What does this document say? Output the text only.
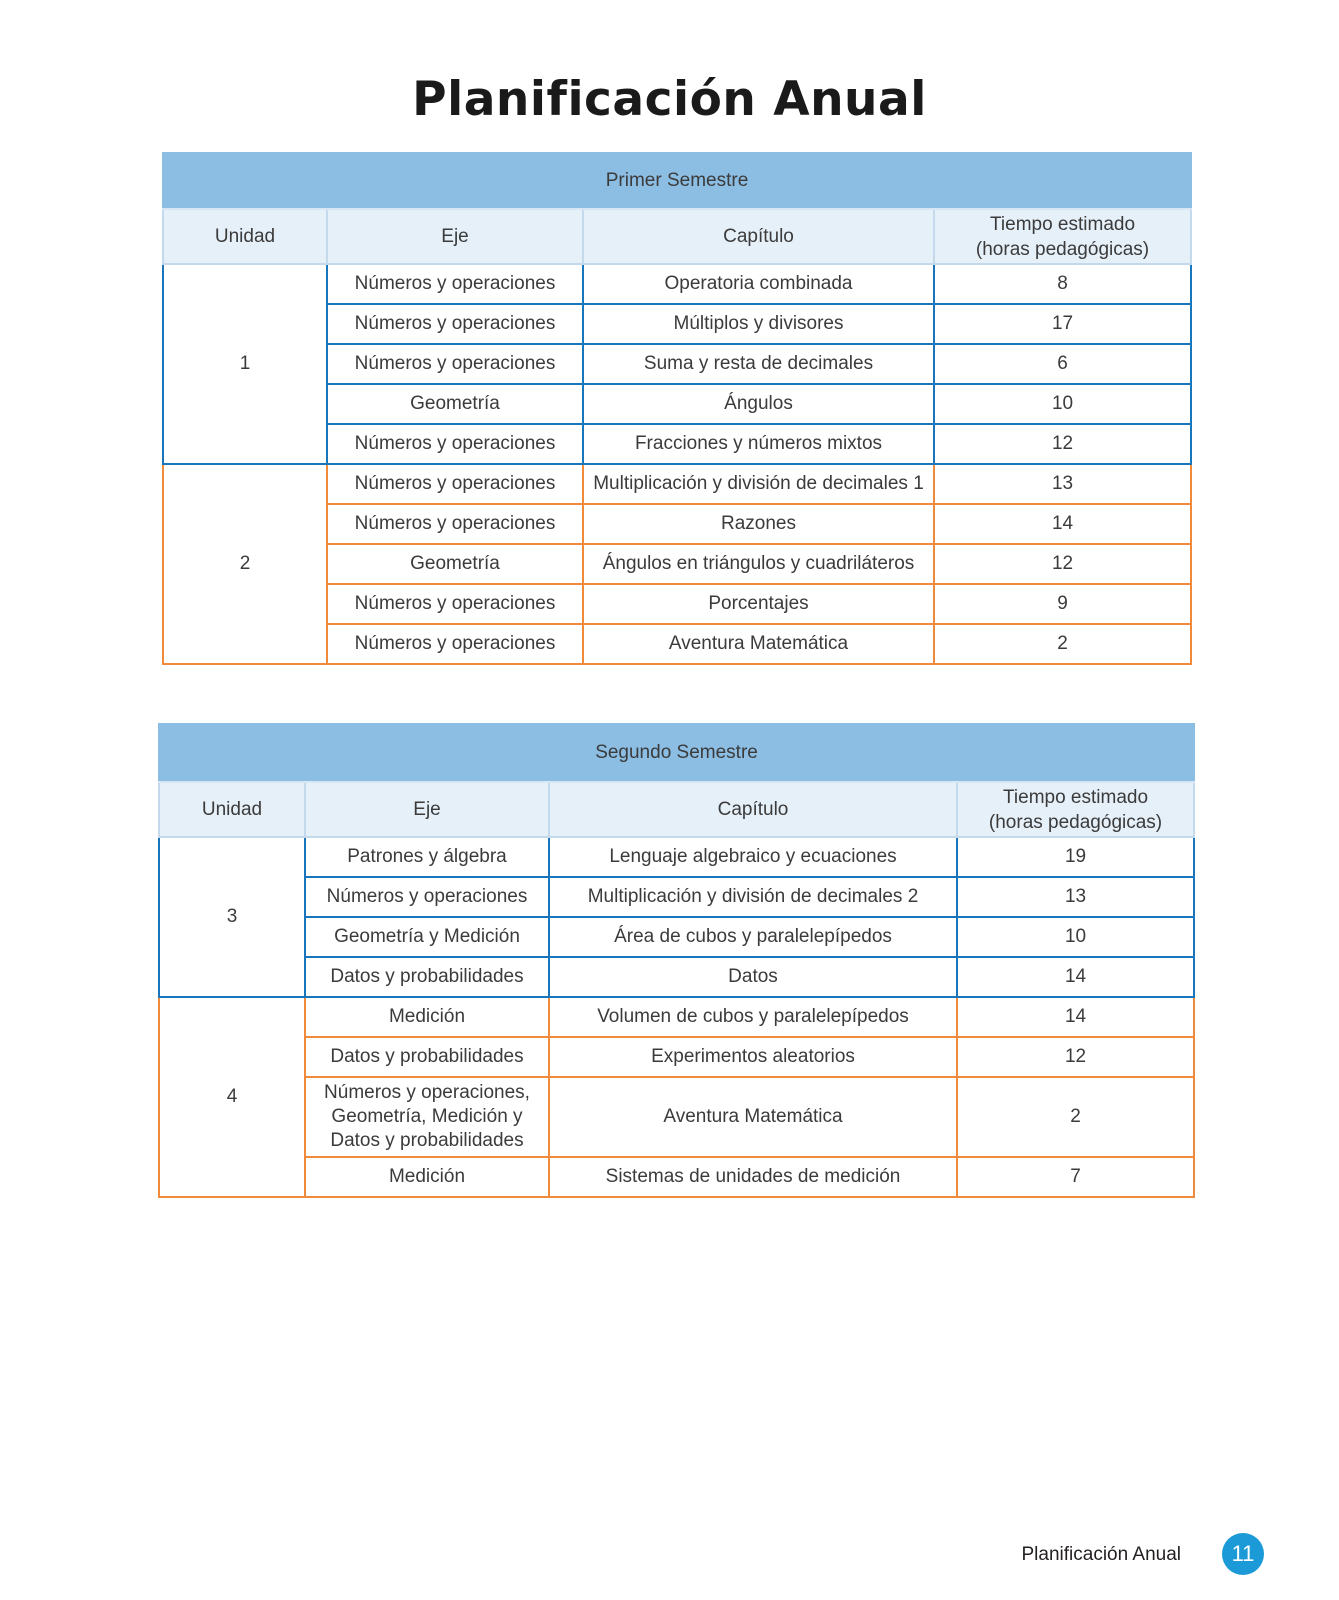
Planificación Anual
Primer Semestre			
Unidad	Eje	Capítulo	Tiempo estimado
(horas pedagógicas)
1	Números y operaciones	Operatoria combinada	8
	Números y operaciones	Múltiplos y divisores	17
	Números y operaciones	Suma y resta de decimales	6
	Geometría	Ángulos	10
	Números y operaciones	Fracciones y números mixtos	12
2	Números y operaciones	Multiplicación y división de decimales 1	13
	Números y operaciones	Razones	14
	Geometría	Ángulos en triángulos y cuadriláteros	12
	Números y operaciones	Porcentajes	9
	Números y operaciones	Aventura Matemática	2
Segundo Semestre			
Unidad	Eje	Capítulo	Tiempo estimado
(horas pedagógicas)
3	Patrones y álgebra	Lenguaje algebraico y ecuaciones	19
	Números y operaciones	Multiplicación y división de decimales 2	13
	Geometría y Medición	Área de cubos y paralelepípedos	10
	Datos y probabilidades	Datos	14
4	Medición	Volumen de cubos y paralelepípedos	14
	Datos y probabilidades	Experimentos aleatorios	12
	Números y operaciones,
Geometría, Medición y
Datos y probabilidades	Aventura Matemática	2
	Medición	Sistemas de unidades de medición	7
Planificación Anual	11
